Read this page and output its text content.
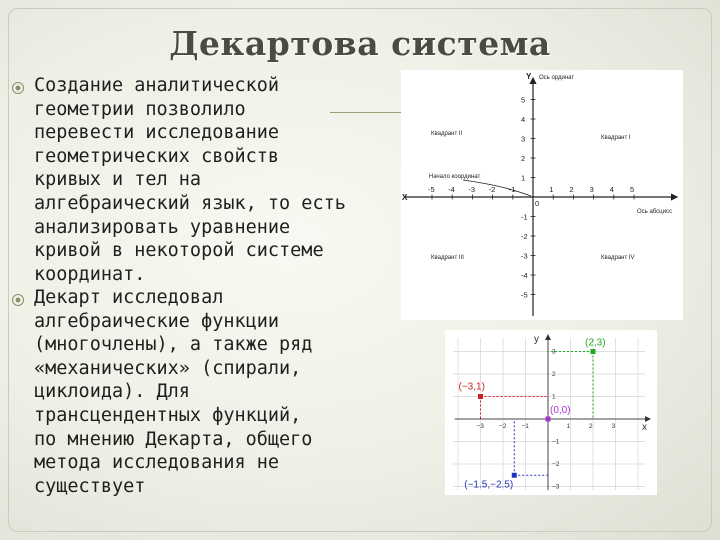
Декартова система
Создание аналитической
геометрии позволило
перевести исследование
геометрических свойств
кривых и тел на
алгебраический язык, то есть
анализировать уравнение
кривой в некоторой системе
координат.
Декарт исследовал
алгебраические функции
(многочлены), а также ряд
«механических» (спирали,
циклоида). Для
трансцендентных функций,
по мнению Декарта, общего
метода исследования не
существует
-5 -4 -3 -2 -1	1 2 3 4 5
5
4
3
2
1
-1
-2
-3
-4
-5
X
Y Ось ординат
Ось абсцисс
Квадрант II
Квадрант I
Квадрант III	Квадрант IV
Начало координат
0
x
y
−3 −2 −1	1	2	3
3
2
1
−1
−2
−3
(2,3)
(−3,1)
(0,0)
(−1.5,−2.5)
